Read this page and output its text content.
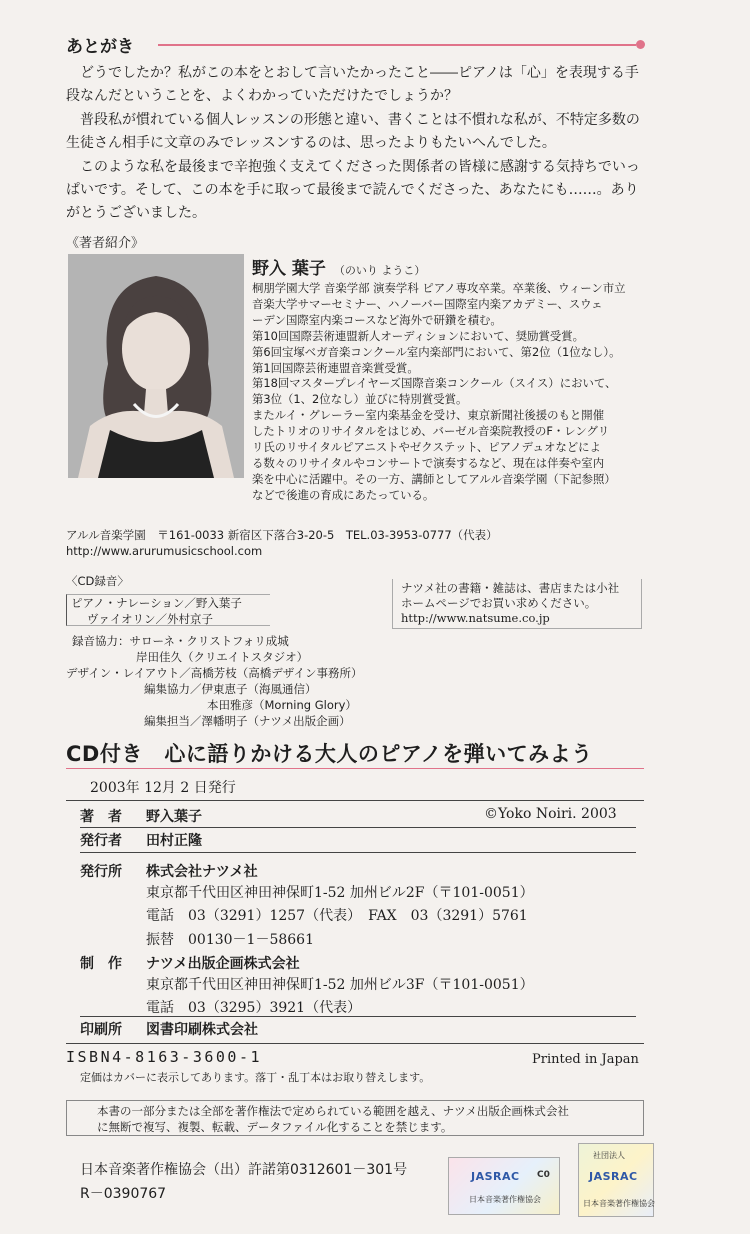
あとがき

どうでしたか？私がこの本をとおして言いたかったこと――ピアノは「心」を表現する手段なんだということを、よくわかっていただけたでしょうか？

普段私が慣れている個人レッスンの形態と違い、書くことは不慣れな私が、不特定多数の生徒さん相手に文章のみでレッスンするのは、思ったよりもたいへんでした。

このような私を最後まで辛抱強く支えてくださった関係者の皆様に感謝する気持ちでいっぱいです。そして、この本を手に取って最後まで読んでくださった、あなたにも……。ありがとうございました。

《著者紹介》
野入 葉子 （のいり ようこ）
桐朋学園大学 音楽学部 演奏学科 ピアノ専攻卒業。卒業後、ウィーン市立
音楽大学サマーセミナー、ハノーバー国際室内楽アカデミー、スウェ
ーデン国際室内楽コースなど海外で研鑽を積む。
第10回国際芸術連盟新人オーディションにおいて、奨励賞受賞。
第6回宝塚ベガ音楽コンクール室内楽部門において、第2位（1位なし）。
第1回国際芸術連盟音楽賞受賞。
第18回マスタープレイヤーズ国際音楽コンクール（スイス）において、
第3位（1、2位なし）並びに特別賞受賞。
またルイ・グレーラー室内楽基金を受け、東京新聞社後援のもと開催
したトリオのリサイタルをはじめ、バーゼル音楽院教授のF・レングリ
リ氏のリサイタルピアニストやゼクステット、ピアノデュオなどによ
る数々のリサイタルやコンサートで演奏するなど、現在は伴奏や室内
楽を中心に活躍中。その一方、講師としてアルル音楽学園（下記参照）
などで後進の育成にあたっている。
アルル音楽学園　〒161-0033 新宿区下落合3-20-5　TEL.03-3953-0777（代表）
http://www.arurumusicschool.com
〈CD録音〉
ピアノ・ナレーション／野入葉子
ヴァイオリン／外村京子
ナツメ社の書籍・雑誌は、書店または小社
ホームページでお買い求めください。
http://www.natsume.co.jp
録音協力：サローネ・クリストフォリ成城
岸田佳久（クリエイトスタジオ）
デザイン・レイアウト／高橋芳枝（高橋デザイン事務所）
編集協力／伊東恵子（海風通信）
本田雅彦（Morning Glory）
編集担当／澤幡明子（ナツメ出版企画）
CD付き　心に語りかける大人のピアノを弾いてみよう
2003年 12月 2 日発行
著　者 野入葉子	©Yoko Noiri. 2003
発行者 田村正隆
発行所 株式会社ナツメ社
東京都千代田区神田神保町1-52 加州ビル2F（〒101-0051）
電話　03（3291）1257（代表）　FAX　03（3291）5761
振替　00130－1－58661
制　作 ナツメ出版企画株式会社
東京都千代田区神田神保町1-52 加州ビル3F（〒101-0051）
電話　03（3295）3921（代表）
印刷所 図書印刷株式会社
ISBN4-8163-3600-1	Printed in Japan
定価はカバーに表示してあります。落丁・乱丁本はお取り替えします。
本書の一部分または全部を著作権法で定められている範囲を越え、ナツメ出版企画株式会社
に無断で複写、複製、転載、データファイル化することを禁じます。
日本音楽著作権協会（出）許諾第0312601－301号
R－0390767
JASRAC C0
日本音楽著作権協会
社団法人
JASRAC
日本音楽著作権協会
